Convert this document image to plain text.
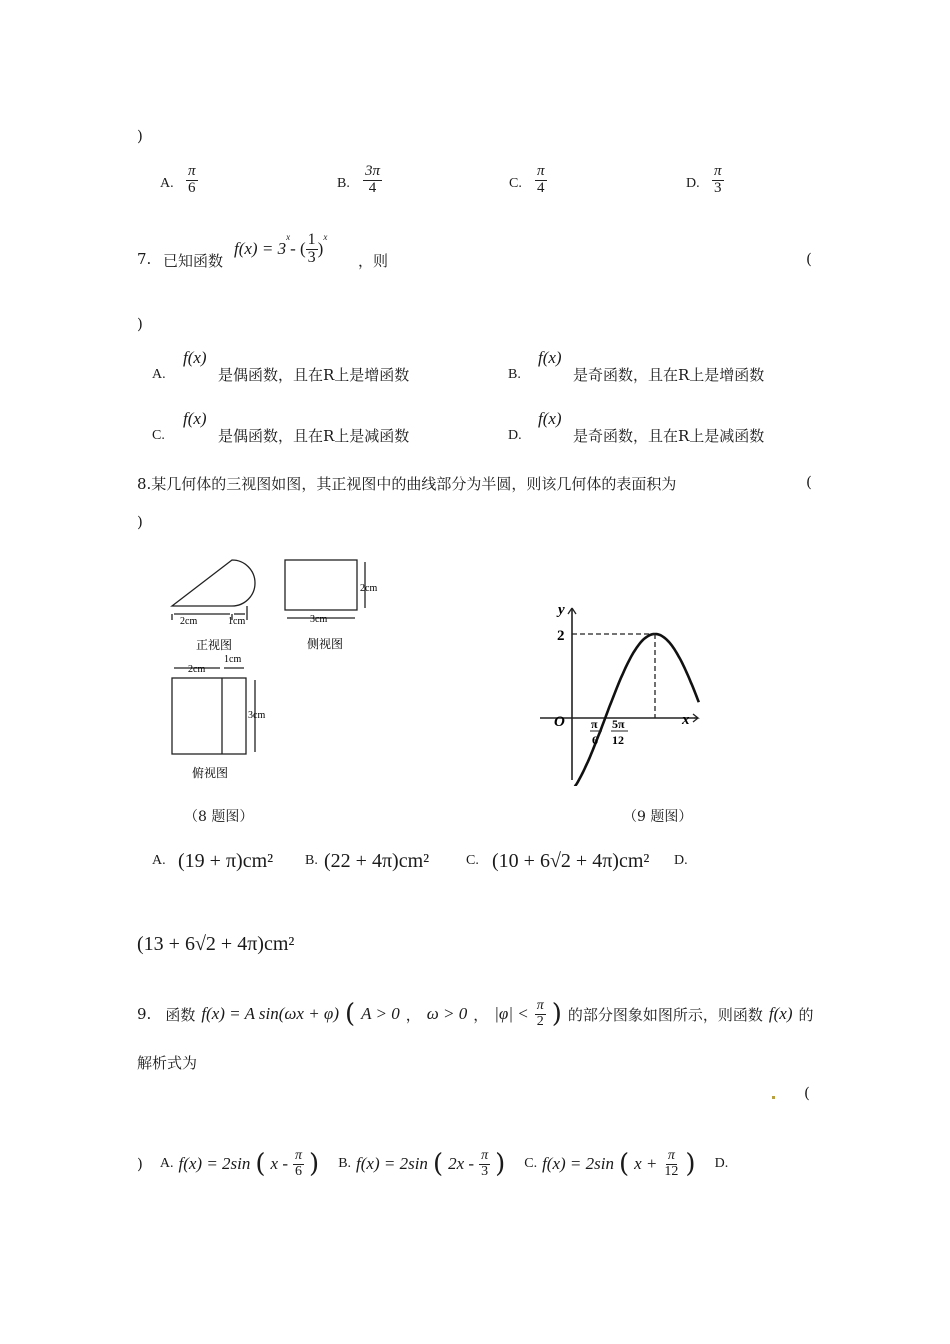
)
A. $\frac{\pi}{6}$	B. $\frac{3\pi}{4}$	C. $\frac{\pi}{4}$	D. $\frac{\pi}{3}$
7. 已知函数
f(x) = 3
$^x$
- ( $\frac{1}{3}$ )
$^x$
，则	(
)
A.
f(x)
是偶函数，且在R上是增函数	B.
f(x)
是奇函数，且在R上是增函数
C.
f(x)
是偶函数，且在R上是减函数	D.
f(x)
是奇函数，且在R上是减函数
8.某几何体的三视图如图，其正视图中的曲线部分为半圆，则该几何体的表面积为	(
)
2cm	1cm
2cm
3cm
2cm
1cm
3cm
正视图	侧视图
俯视图
（8 题图）
y
x
O
2
π
6
5π
12
（9 题图）
A. (19 + π)cm² B. (22 + 4π)cm²	C. (10 + 6√2 + 4π)cm² D.
(13 + 6√2 + 4π)cm²
9. 函数 f(x) = A sin(ωx + φ) ( A > 0 ， ω > 0 ， $|\varphi| < \frac{\pi}{2}$ ) 的部分图象如图所示，则函数 f(x) 的
解析式为
(
) A. f(x) = 2sin ( x - $\frac{\pi}{6}$ ) B. f(x) = 2sin ( $2x - \frac{\pi}{3}$ ) C. f(x) = 2sin ( $x + \frac{\pi}{12}$ ) D.
